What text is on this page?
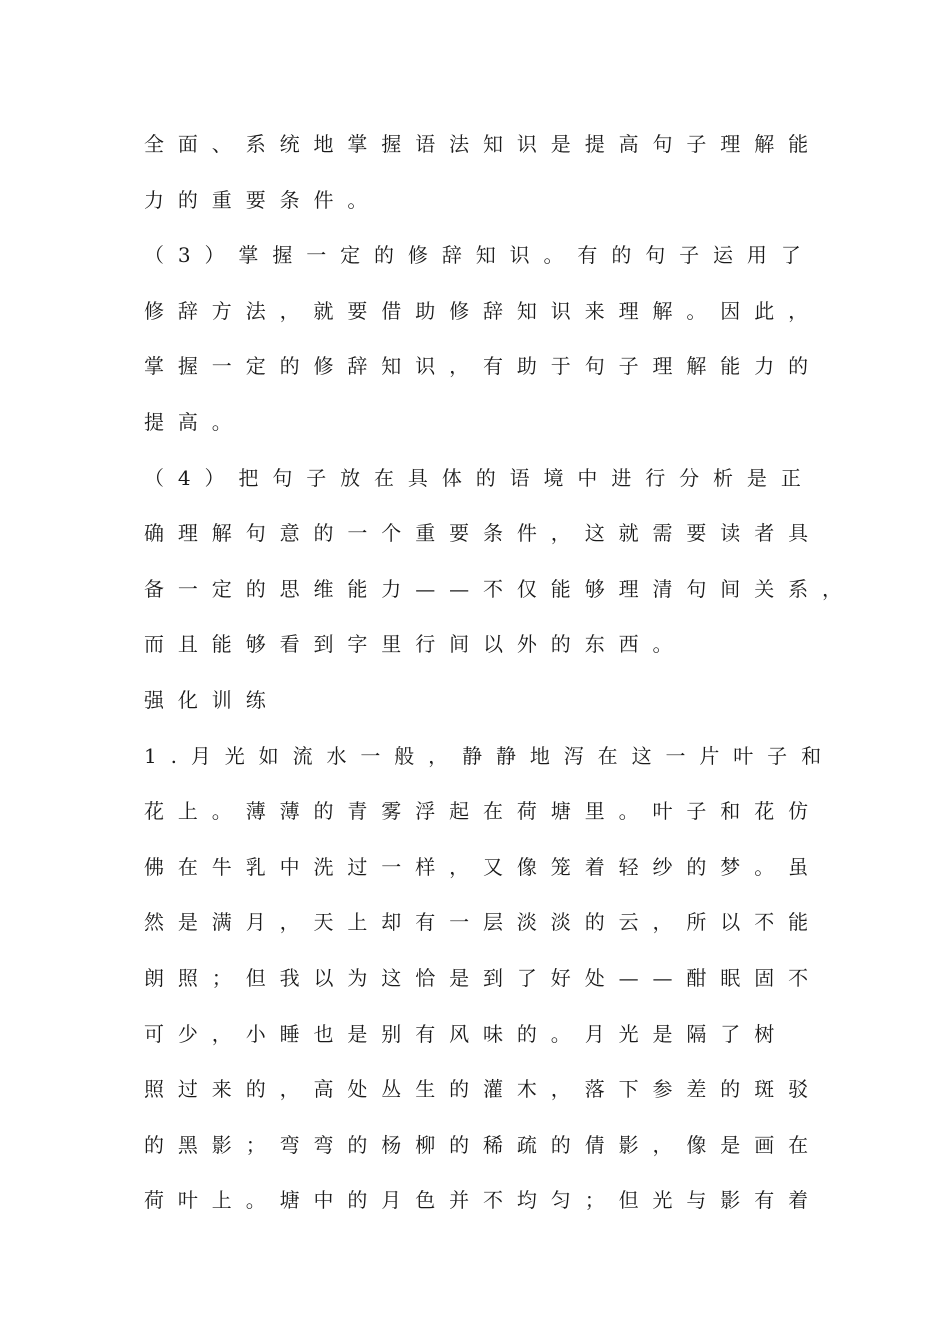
全面、系统地掌握语法知识是提高句子理解能
力的重要条件。
（3）掌握一定的修辞知识。有的句子运用了
修辞方法，就要借助修辞知识来理解。因此，
掌握一定的修辞知识，有助于句子理解能力的
提高。
（4）把句子放在具体的语境中进行分析是正
确理解句意的一个重要条件，这就需要读者具
备一定的思维能力——不仅能够理清句间关系，
而且能够看到字里行间以外的东西。
强化训练
1.月光如流水一般，静静地泻在这一片叶子和
花上。薄薄的青雾浮起在荷塘里。叶子和花仿
佛在牛乳中洗过一样，又像笼着轻纱的梦。虽
然是满月，天上却有一层淡淡的云，所以不能
朗照；但我以为这恰是到了好处——酣眠固不
可少，小睡也是别有风味的。月光是隔了树
照过来的，高处丛生的灌木，落下参差的斑驳
的黑影；弯弯的杨柳的稀疏的倩影，像是画在
荷叶上。塘中的月色并不均匀；但光与影有着
